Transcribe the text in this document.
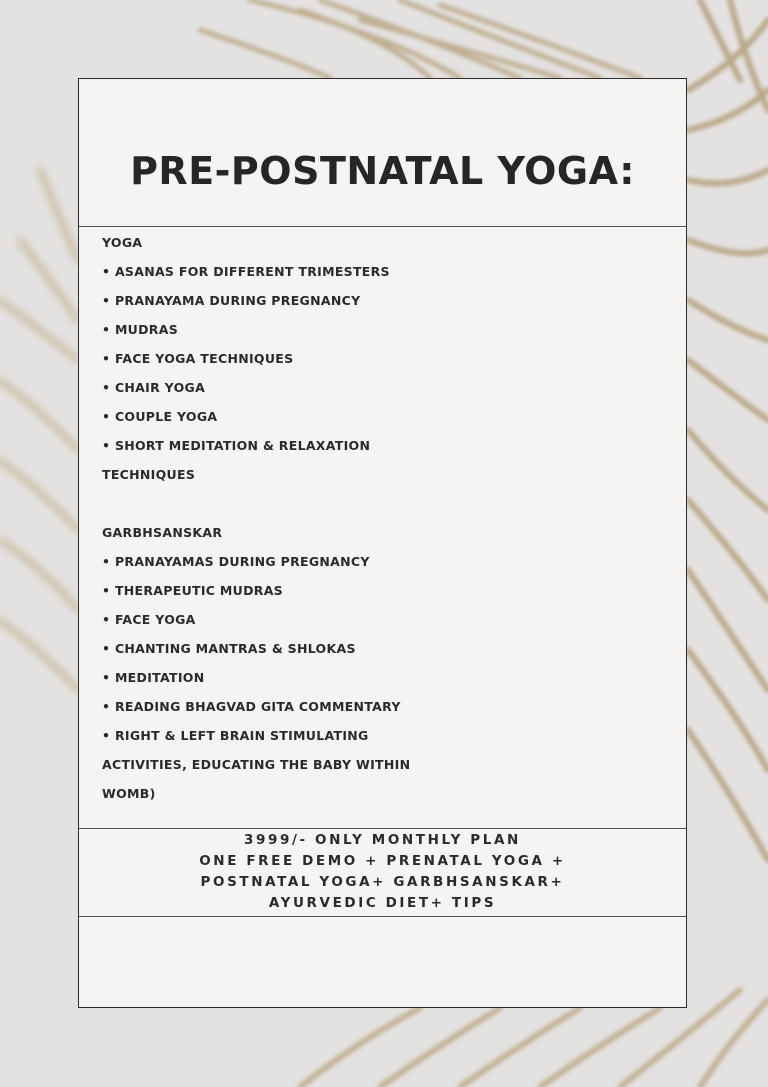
PRE-POSTNATAL YOGA:
YOGA
• ASANAS FOR DIFFERENT TRIMESTERS
• PRANAYAMA DURING PREGNANCY
• MUDRAS
• FACE YOGA TECHNIQUES
• CHAIR YOGA
• COUPLE YOGA
• SHORT MEDITATION & RELAXATION
TECHNIQUES
GARBHSANSKAR
• PRANAYAMAS DURING PREGNANCY
• THERAPEUTIC MUDRAS
• FACE YOGA
• CHANTING MANTRAS & SHLOKAS
• MEDITATION
• READING BHAGVAD GITA COMMENTARY
• RIGHT & LEFT BRAIN STIMULATING
ACTIVITIES, EDUCATING THE BABY WITHIN
WOMB)
3999/- ONLY MONTHLY PLAN
ONE FREE DEMO + PRENATAL YOGA +
POSTNATAL YOGA+ GARBHSANSKAR+
AYURVEDIC DIET+ TIPS
